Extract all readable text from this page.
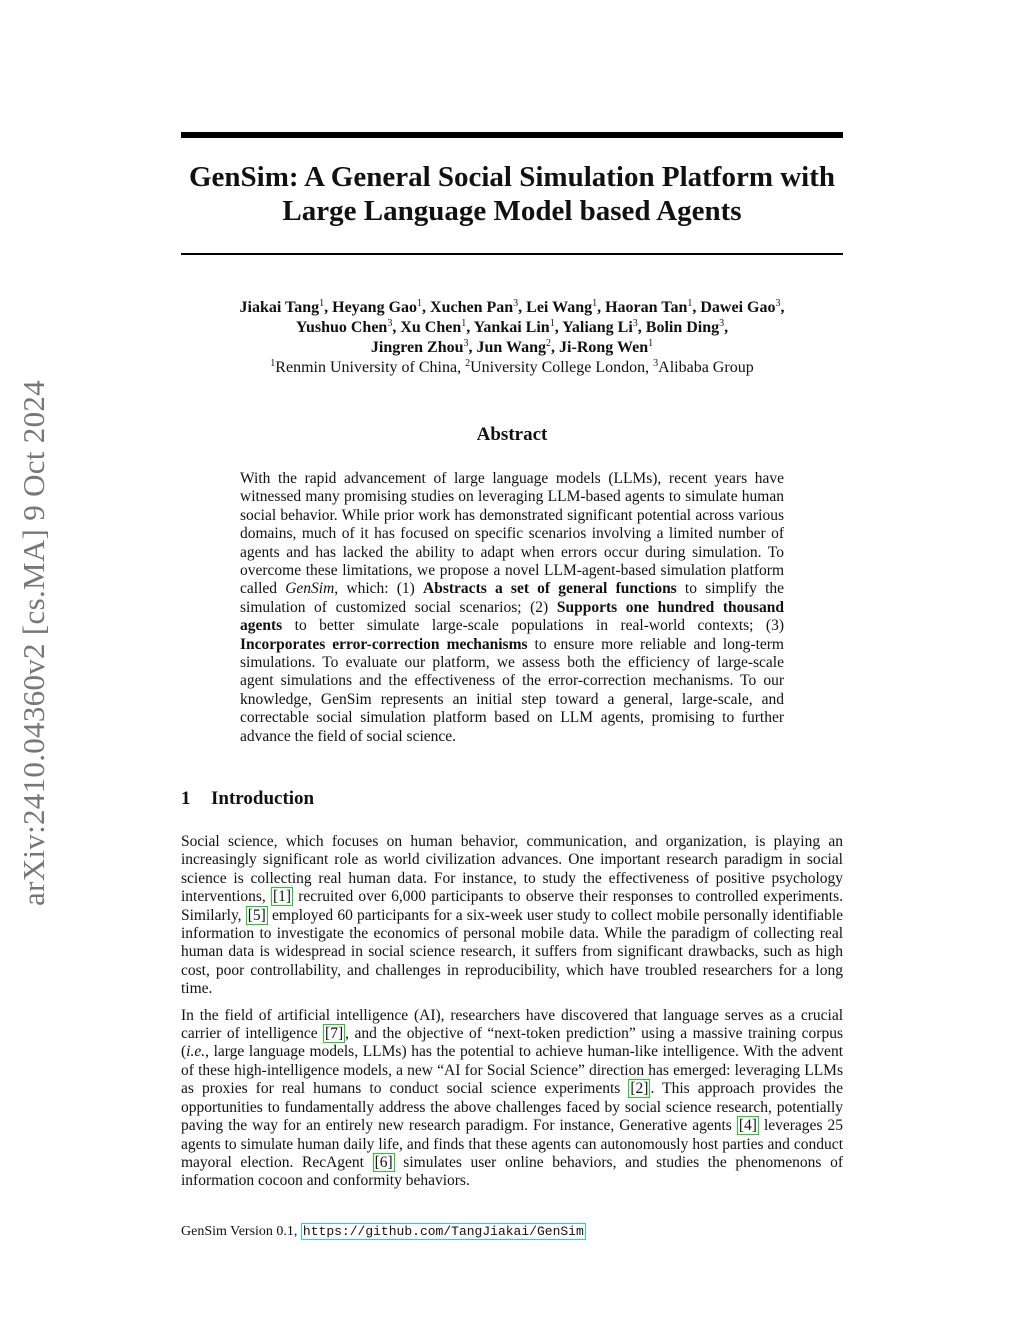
arXiv:2410.04360v2 [cs.MA] 9 Oct 2024
GenSim: A General Social Simulation Platform with
Large Language Model based Agents
Jiakai Tang$^1$, Heyang Gao$^1$, Xuchen Pan$^3$, Lei Wang$^1$, Haoran Tan$^1$, Dawei Gao$^3$,
Yushuo Chen$^3$, Xu Chen$^1$, Yankai Lin$^1$, Yaliang Li$^3$, Bolin Ding$^3$,
Jingren Zhou$^3$, Jun Wang$^2$, Ji-Rong Wen$^1$
$^1$Renmin University of China, $^2$University College London, $^3$Alibaba Group
Abstract
With the rapid advancement of large language models (LLMs), recent years have witnessed many promising studies on leveraging LLM-based agents to simulate human social behavior. While prior work has demonstrated significant potential across various domains, much of it has focused on specific scenarios involving a limited number of agents and has lacked the ability to adapt when errors occur during simulation. To overcome these limitations, we propose a novel LLM-agent-based simulation platform called GenSim, which: (1) Abstracts a set of general functions to simplify the simulation of customized social scenarios; (2) Supports one hundred thousand agents to better simulate large-scale populations in real-world contexts; (3) Incorporates error-correction mechanisms to ensure more reliable and long-term simulations. To evaluate our platform, we assess both the efficiency of large-scale agent simulations and the effectiveness of the error-correction mechanisms. To our knowledge, GenSim represents an initial step toward a general, large-scale, and correctable social simulation platform based on LLM agents, promising to further advance the field of social science.
1 Introduction

Social science, which focuses on human behavior, communication, and organization, is playing an increasingly significant role as world civilization advances. One important research paradigm in social science is collecting real human data. For instance, to study the effectiveness of positive psychology interventions, [1] recruited over 6,000 participants to observe their responses to controlled experiments. Similarly, [5] employed 60 participants for a six-week user study to collect mobile personally identifiable information to investigate the economics of personal mobile data. While the paradigm of collecting real human data is widespread in social science research, it suffers from significant drawbacks, such as high cost, poor controllability, and challenges in reproducibility, which have troubled researchers for a long time.

In the field of artificial intelligence (AI), researchers have discovered that language serves as a crucial carrier of intelligence [7] , and the objective of “next-token prediction” using a massive training corpus (i.e., large language models, LLMs) has the potential to achieve human-like intelligence. With the advent of these high-intelligence models, a new “AI for Social Science” direction has emerged: leveraging LLMs as proxies for real humans to conduct social science experiments [2] . This approach provides the opportunities to fundamentally address the above challenges faced by social science research, potentially paving the way for an entirely new research paradigm. For instance, Generative agents [4] leverages 25 agents to simulate human daily life, and finds that these agents can autonomously host parties and conduct mayoral election. RecAgent [6] simulates user online behaviors, and studies the phenomenons of information cocoon and conformity behaviors.

GenSim Version 0.1, https://github.com/TangJiakai/GenSim
